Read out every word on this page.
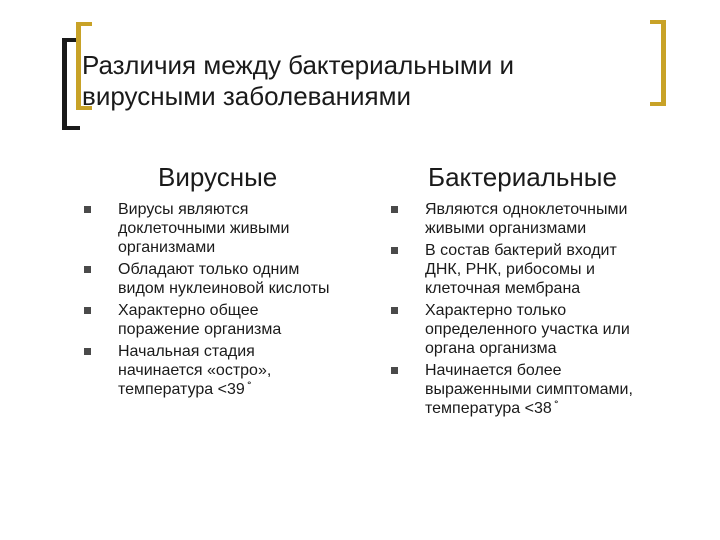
Различия между бактериальными и
вирусными заболеваниями
Вирусные	Бактериальные
Вирусы являются
доклеточными живыми
организмами
Обладают только одним
видом нуклеиновой кислоты
Характерно общее
поражение организма
Начальная стадия
начинается «остро»,
температура <39 ̊
Являются одноклеточными
живыми организмами
В состав бактерий входит
ДНК, РНК, рибосомы и
клеточная мембрана
Характерно только
определенного участка или
органа организма
Начинается более
выраженными симптомами,
температура <38 ̊
